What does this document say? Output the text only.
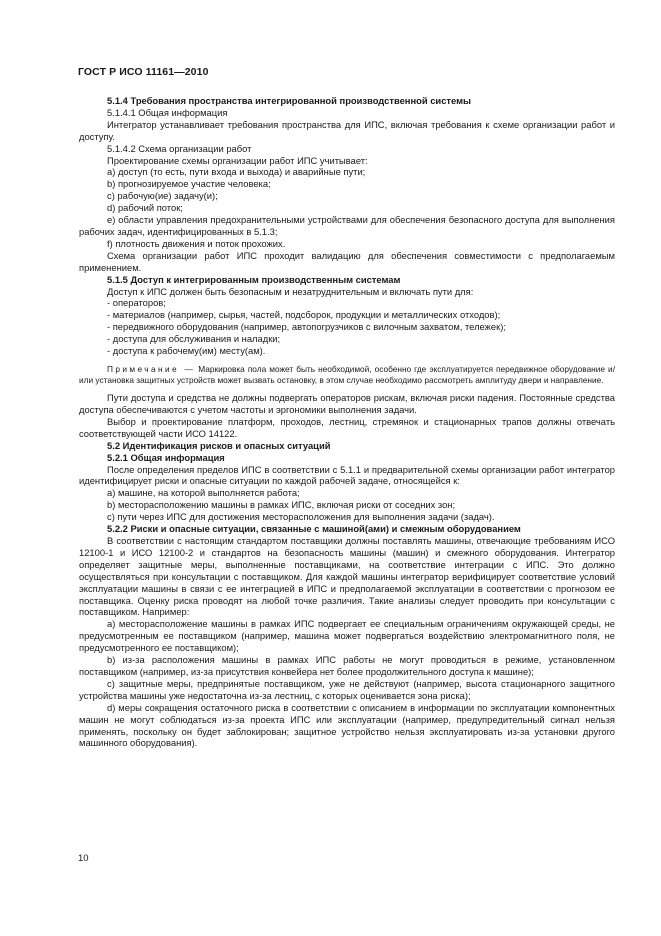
ГОСТ Р ИСО 11161—2010

5.1.4 Требования пространства интегрированной производственной системы

5.1.4.1 Общая информация

Интегратор устанавливает требования пространства для ИПС, включая требования к схеме организации работ и доступу.

5.1.4.2 Схема организации работ

Проектирование схемы организации работ ИПС учитывает:

a) доступ (то есть, пути входа и выхода) и аварийные пути;

b) прогнозируемое участие человека;

c) рабочую(ие) задачу(и);

d) рабочий поток;

e) области управления предохранительными устройствами для обеспечения безопасного доступа для выполнения рабочих задач, идентифицированных в 5.1.3;

f) плотность движения и поток прохожих.

Схема организации работ ИПС проходит валидацию для обеспечения совместимости с предполагаемым применением.

5.1.5 Доступ к интегрированным производственным системам

Доступ к ИПС должен быть безопасным и незатруднительным и включать пути для:

- операторов;

- материалов (например, сырья, частей, подсборок, продукции и металлических отходов);

- передвижного оборудования (например, автопогрузчиков с вилочным захватом, тележек);

- доступа для обслуживания и наладки;

- доступа к рабочему(им) месту(ам).

Примечание — Маркировка пола может быть необходимой, особенно где эксплуатируется передвижное оборудование и/ или установка защитных устройств может вызвать остановку, в этом случае необходимо рассмотреть амплитуду двери и направление.

Пути доступа и средства не должны подвергать операторов рискам, включая риски падения. Постоянные средства доступа обеспечиваются с учетом частоты и эргономики выполнения задачи.

Выбор и проектирование платформ, проходов, лестниц, стремянок и стационарных трапов должны отвечать соответствующей части ИСО 14122.

5.2 Идентификация рисков и опасных ситуаций

5.2.1 Общая информация

После определения пределов ИПС в соответствии с 5.1.1 и предварительной схемы организации работ интегратор идентифицирует риски и опасные ситуации по каждой рабочей задаче, относящейся к:

a) машине, на которой выполняется работа;

b) месторасположению машины в рамках ИПС, включая риски от соседних зон;

c) пути через ИПС для достижения месторасположения для выполнения задачи (задач).

5.2.2 Риски и опасные ситуации, связанные с машиной(ами) и смежным оборудованием

В соответствии с настоящим стандартом поставщики должны поставлять машины, отвечающие требованиям ИСО 12100-1 и ИСО 12100-2 и стандартов на безопасность машины (машин) и смежного оборудования. Интегратор определяет защитные меры, выполненные поставщиками, на соответствие интеграции с ИПС. Это должно осуществляться при консультации с поставщиком. Для каждой машины интегратор верифицирует соответствие условий эксплуатации машины в связи с ее интеграцией в ИПС и предполагаемой эксплуатации в соответствии с прогнозом ее поставщика. Оценку риска проводят на любой точке различия. Такие анализы следует проводить при консультации с поставщиком. Например:

a) месторасположение машины в рамках ИПС подвергает ее специальным ограничениям окружающей среды, не предусмотренным ее поставщиком (например, машина может подвергаться воздействию электромагнитного поля, не предусмотренного ее поставщиком);

b) из-за расположения машины в рамках ИПС работы не могут проводиться в режиме, установленном поставщиком (например, из-за присутствия конвейера нет более продолжительного доступа к машине);

c) защитные меры, предпринятые поставщиком, уже не действуют (например, высота стационарного защитного устройства машины уже недостаточна из-за лестниц, с которых оценивается зона риска);

d) меры сокращения остаточного риска в соответствии с описанием в информации по эксплуатации компонентных машин не могут соблюдаться из-за проекта ИПС или эксплуатации (например, предупредительный сигнал нельзя применять, поскольку он будет заблокирован; защитное устройство нельзя эксплуатировать из-за установки другого машинного оборудования).

10
